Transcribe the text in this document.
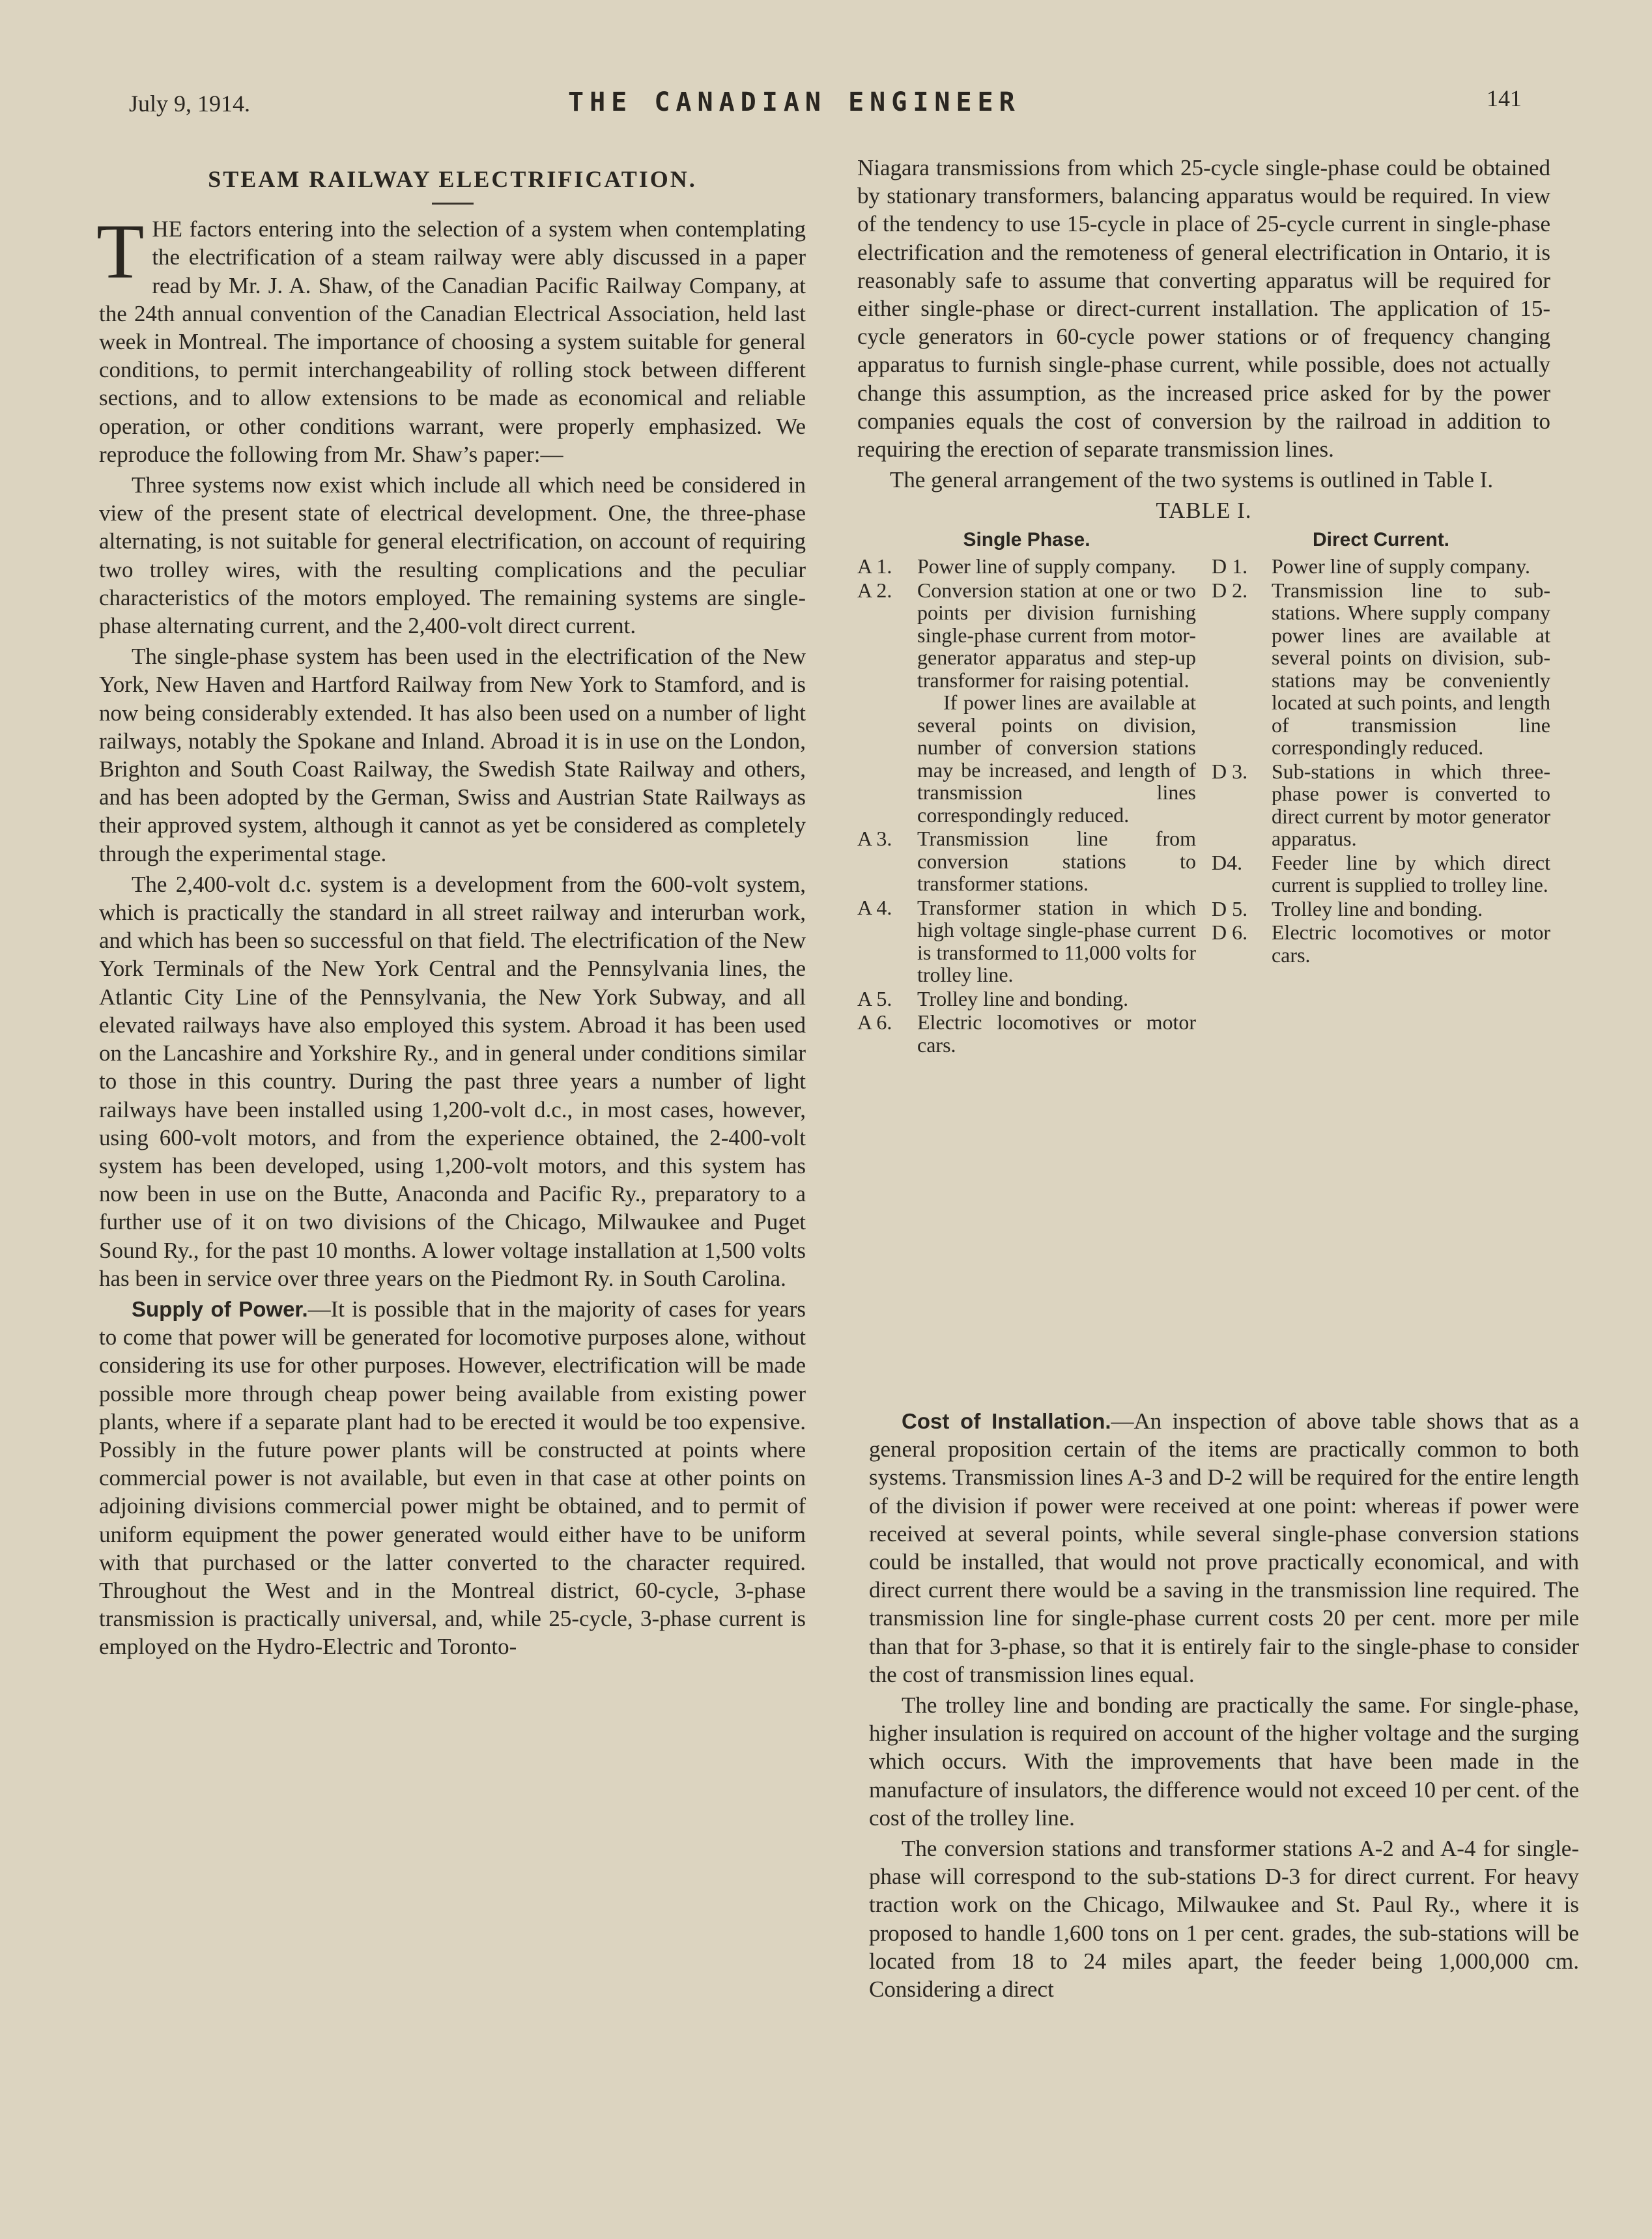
July 9, 1914.	THE CANADIAN ENGINEER	141
STEAM RAILWAY ELECTRIFICATION.

THE factors entering into the selection of a system when contemplating the electrification of a steam railway were ably discussed in a paper read by Mr. J. A. Shaw, of the Canadian Pacific Railway Company, at the 24th annual convention of the Canadian Electrical Association, held last week in Montreal. The importance of choosing a system suitable for general conditions, to permit interchangeability of rolling stock between different sections, and to allow extensions to be made as economical and reliable operation, or other conditions warrant, were properly emphasized. We reproduce the following from Mr. Shaw’s paper:—

Three systems now exist which include all which need be considered in view of the present state of electrical development. One, the three-phase alternating, is not suitable for general electrification, on account of requiring two trolley wires, with the resulting complications and the peculiar characteristics of the motors employed. The remaining systems are single-phase alternating current, and the 2,400-volt direct current.

The single-phase system has been used in the electrification of the New York, New Haven and Hartford Railway from New York to Stamford, and is now being considerably extended. It has also been used on a number of light railways, notably the Spokane and Inland. Abroad it is in use on the London, Brighton and South Coast Railway, the Swedish State Railway and others, and has been adopted by the German, Swiss and Austrian State Railways as their approved system, although it cannot as yet be considered as completely through the experimental stage.

The 2,400-volt d.c. system is a development from the 600-volt system, which is practically the standard in all street railway and interurban work, and which has been so successful on that field. The electrification of the New York Terminals of the New York Central and the Pennsylvania lines, the Atlantic City Line of the Pennsylvania, the New York Subway, and all elevated railways have also employed this system. Abroad it has been used on the Lancashire and Yorkshire Ry., and in general under conditions similar to those in this country. During the past three years a number of light railways have been installed using 1,200-volt d.c., in most cases, however, using 600-volt motors, and from the experience obtained, the 2-400-volt system has been developed, using 1,200-volt motors, and this system has now been in use on the Butte, Anaconda and Pacific Ry., preparatory to a further use of it on two divisions of the Chicago, Milwaukee and Puget Sound Ry., for the past 10 months. A lower voltage installation at 1,500 volts has been in service over three years on the Piedmont Ry. in South Carolina.

Supply of Power.—It is possible that in the majority of cases for years to come that power will be generated for locomotive purposes alone, without considering its use for other purposes. However, electrification will be made possible more through cheap power being available from existing power plants, where if a separate plant had to be erected it would be too expensive. Possibly in the future power plants will be constructed at points where commercial power is not available, but even in that case at other points on adjoining divisions commercial power might be obtained, and to permit of uniform equipment the power generated would either have to be uniform with that purchased or the latter converted to the character required. Throughout the West and in the Montreal district, 60-cycle, 3-phase transmission is practically universal, and, while 25-cycle, 3-phase current is employed on the Hydro-Electric and Toronto-

Niagara transmissions from which 25-cycle single-phase could be obtained by stationary transformers, balancing apparatus would be required. In view of the tendency to use 15-cycle in place of 25-cycle current in single-phase electrification and the remoteness of general electrification in Ontario, it is reasonably safe to assume that converting apparatus will be required for either single-phase or direct-current installation. The application of 15-cycle generators in 60-cycle power stations or of frequency changing apparatus to furnish single-phase current, while possible, does not actually change this assumption, as the increased price asked for by the power companies equals the cost of conversion by the railroad in addition to requiring the erection of separate transmission lines.

The general arrangement of the two systems is outlined in Table I.

TABLE I.
Single Phase.
A 1.	Power line of supply company.
A 2.	Conversion station at one or two points per division furnishing single-phase current from motor-generator apparatus and step-up transformer for raising potential.
If power lines are available at several points on division, number of conversion stations may be increased, and length of transmission lines correspondingly reduced.
A 3.	Transmission line from conversion stations to transformer stations.
A 4.	Transformer station in which high voltage single-phase current is transformed to 11,000 volts for trolley line.
A 5.	Trolley line and bonding.
A 6.	Electric locomotives or motor cars.
Direct Current.
D 1.	Power line of supply company.
D 2.	Transmission line to sub-stations. Where supply company power lines are available at several points on division, sub-stations may be conveniently located at such points, and length of transmission line correspondingly reduced.
D 3.	Sub-stations in which three-phase power is converted to direct current by motor generator apparatus.
D4.	Feeder line by which direct current is supplied to trolley line.
D 5.	Trolley line and bonding.
D 6.	Electric locomotives or motor cars.

Cost of Installation.—An inspection of above table shows that as a general proposition certain of the items are practically common to both systems. Transmission lines A-3 and D-2 will be required for the entire length of the division if power were received at one point: whereas if power were received at several points, while several single-phase conversion stations could be installed, that would not prove practically economical, and with direct current there would be a saving in the transmission line required. The transmission line for single-phase current costs 20 per cent. more per mile than that for 3-phase, so that it is entirely fair to the single-phase to consider the cost of transmission lines equal.

The trolley line and bonding are practically the same. For single-phase, higher insulation is required on account of the higher voltage and the surging which occurs. With the improvements that have been made in the manufacture of insulators, the difference would not exceed 10 per cent. of the cost of the trolley line.

The conversion stations and transformer stations A-2 and A-4 for single-phase will correspond to the sub-stations D-3 for direct current. For heavy traction work on the Chicago, Milwaukee and St. Paul Ry., where it is proposed to handle 1,600 tons on 1 per cent. grades, the sub-stations will be located from 18 to 24 miles apart, the feeder being 1,000,000 cm. Considering a direct
